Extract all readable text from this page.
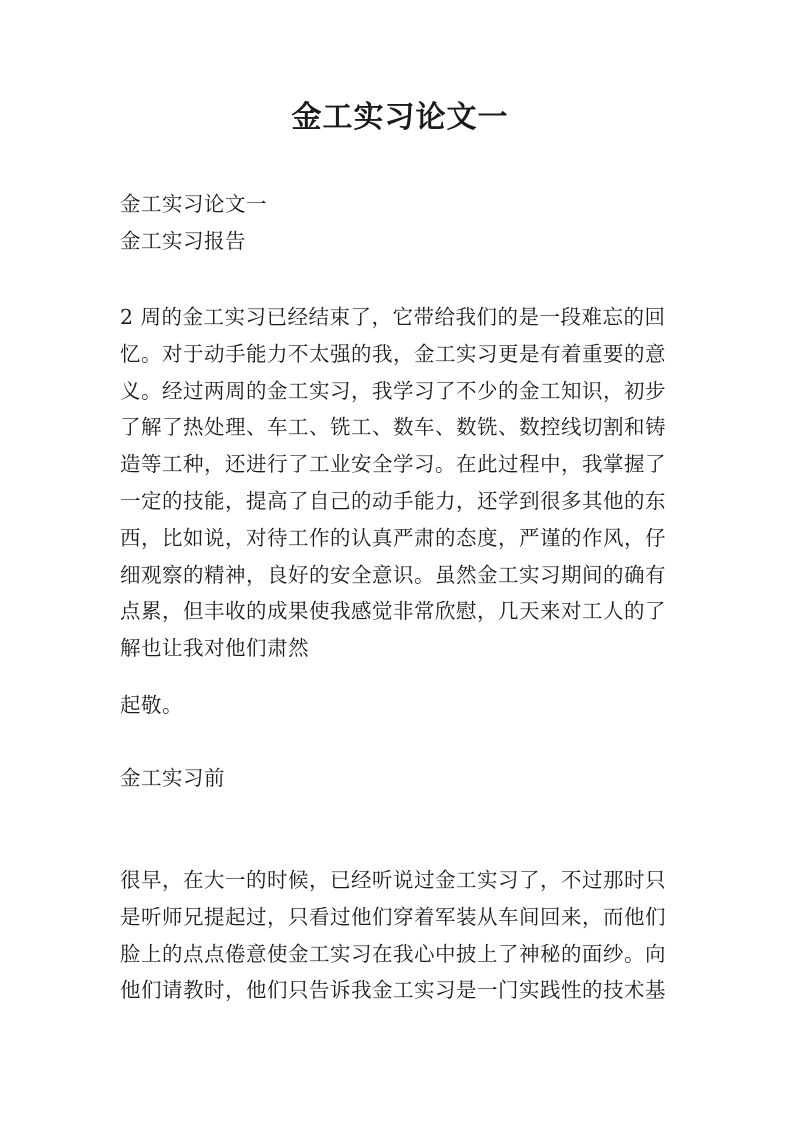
金工实习论文一
金工实习论文一
金工实习报告
2 周的金工实习已经结束了，它带给我们的是一段难忘的回
忆。对于动手能力不太强的我，金工实习更是有着重要的意
义。经过两周的金工实习，我学习了不少的金工知识，初步
了解了热处理、车工、铣工、数车、数铣、数控线切割和铸
造等工种，还进行了工业安全学习。在此过程中，我掌握了
一定的技能，提高了自己的动手能力，还学到很多其他的东
西，比如说，对待工作的认真严肃的态度，严谨的作风，仔
细观察的精神，良好的安全意识。虽然金工实习期间的确有
点累，但丰收的成果使我感觉非常欣慰，几天来对工人的了
解也让我对他们肃然
起敬。
金工实习前
很早，在大一的时候，已经听说过金工实习了，不过那时只
是听师兄提起过，只看过他们穿着军装从车间回来，而他们
脸上的点点倦意使金工实习在我心中披上了神秘的面纱。向
他们请教时，他们只告诉我金工实习是一门实践性的技术基
